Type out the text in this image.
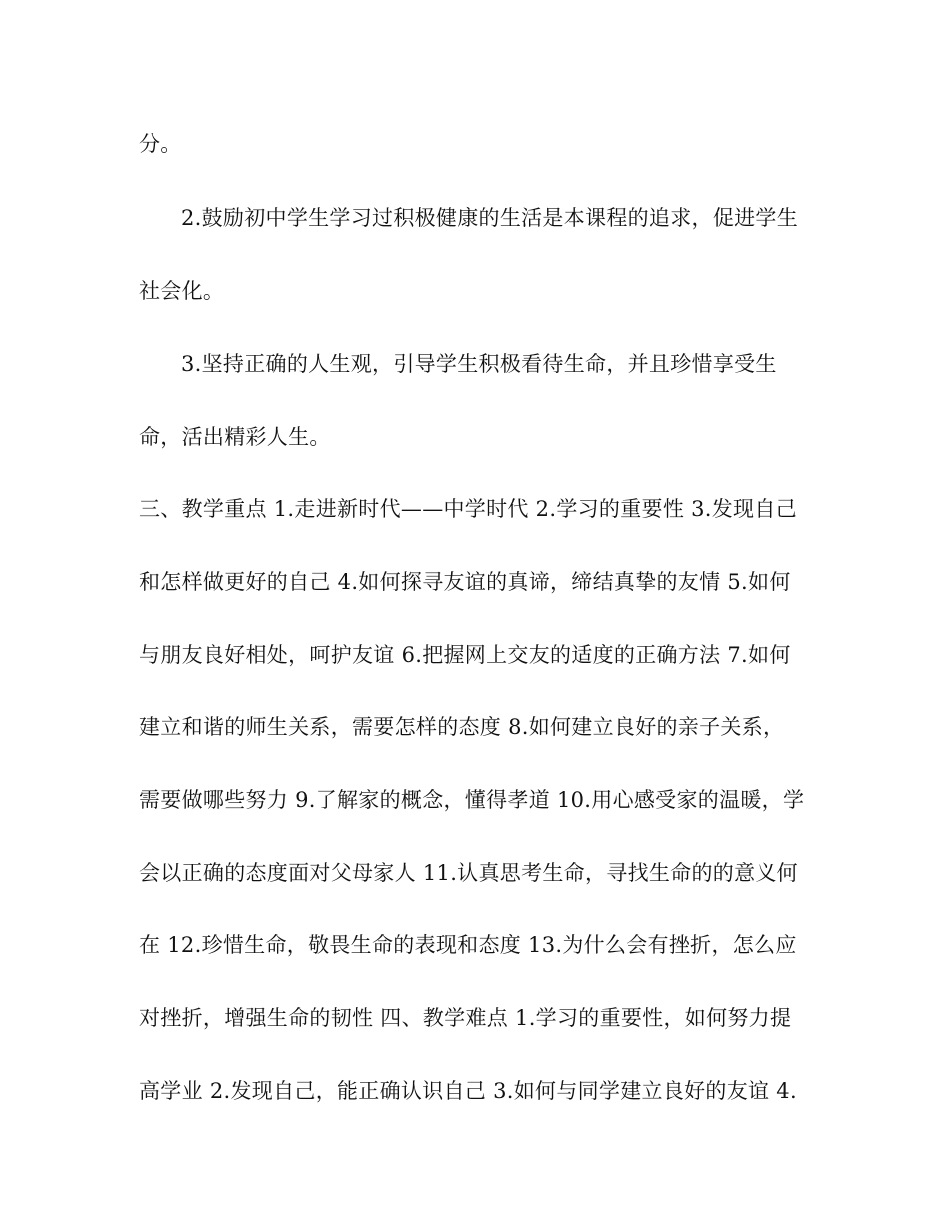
分。
2.鼓励初中学生学习过积极健康的生活是本课程的追求，促进学生
社会化。
3.坚持正确的人生观，引导学生积极看待生命，并且珍惜享受生
命，活出精彩人生。
三、教学重点 1.走进新时代——中学时代 2.学习的重要性 3.发现自己
和怎样做更好的自己 4.如何探寻友谊的真谛，缔结真挚的友情 5.如何
与朋友良好相处，呵护友谊 6.把握网上交友的适度的正确方法 7.如何
建立和谐的师生关系，需要怎样的态度 8.如何建立良好的亲子关系，
需要做哪些努力 9.了解家的概念，懂得孝道 10.用心感受家的温暖，学
会以正确的态度面对父母家人 11.认真思考生命，寻找生命的的意义何
在 12.珍惜生命，敬畏生命的表现和态度 13.为什么会有挫折，怎么应
对挫折，增强生命的韧性 四、教学难点 1.学习的重要性，如何努力提
高学业 2.发现自己，能正确认识自己 3.如何与同学建立良好的友谊 4.
